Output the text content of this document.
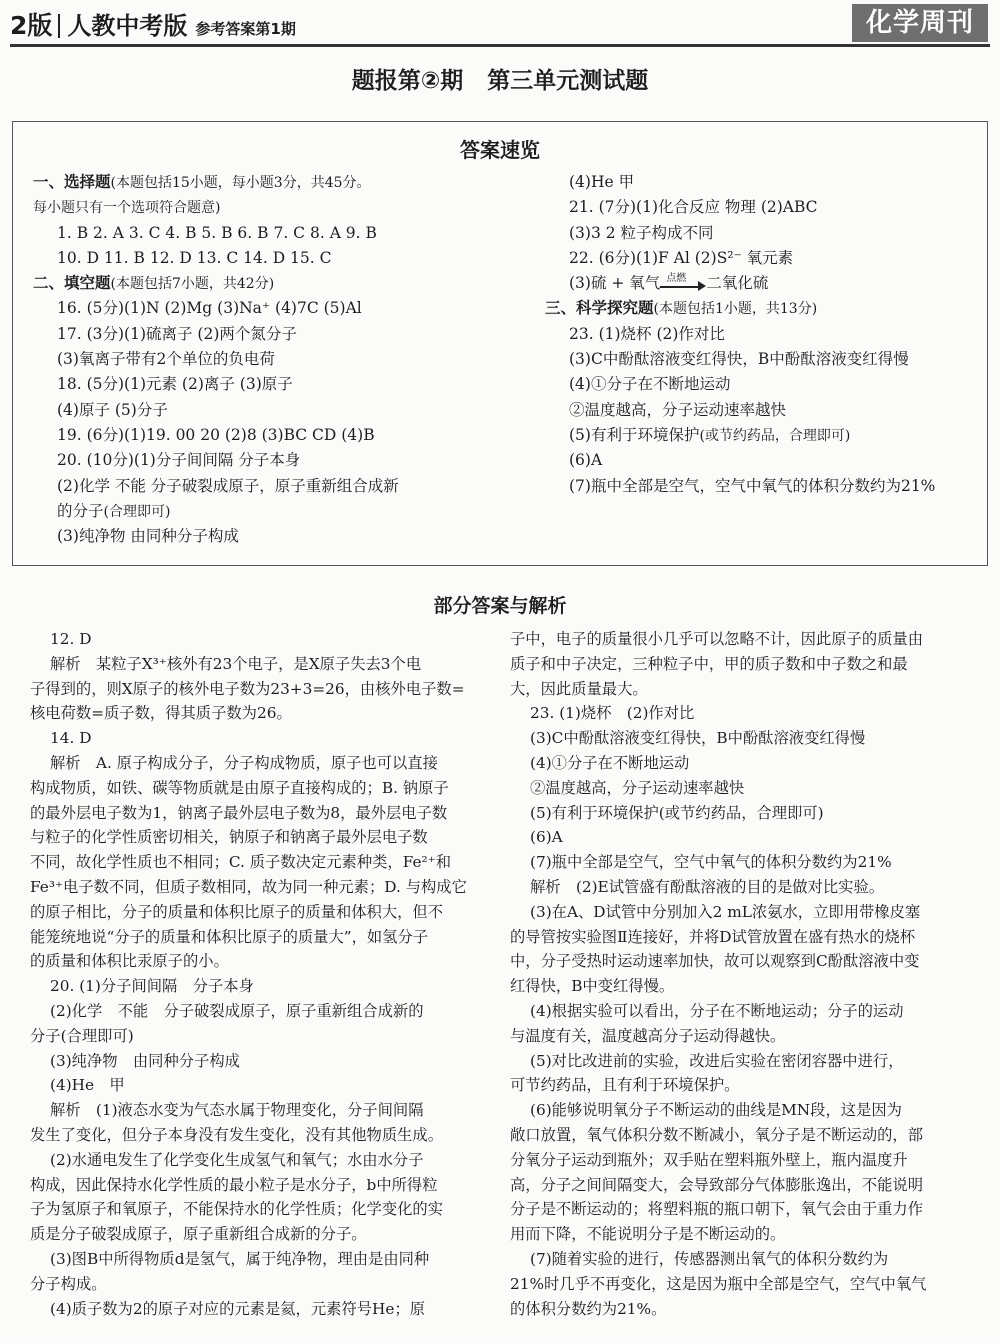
2版 人教中考版 参考答案第1期	化学周刊
题报第②期 第三单元测试题
答案速览
一、选择题(本题包括15小题，每小题3分，共45分。
每小题只有一个选项符合题意)
1. B 2. A 3. C 4. B 5. B 6. B 7. C 8. A 9. B
10. D 11. B 12. D 13. C 14. D 15. C
二、填空题(本题包括7小题，共42分)
16. (5分)(1)N (2)Mg (3)Na⁺ (4)7C (5)Al
17. (3分)(1)硫离子 (2)两个氮分子
(3)氧离子带有2个单位的负电荷
18. (5分)(1)元素 (2)离子 (3)原子
(4)原子 (5)分子
19. (6分)(1)19. 00 20 (2)8 (3)BC CD (4)B
20. (10分)(1)分子间间隔 分子本身
(2)化学 不能 分子破裂成原子，原子重新组合成新
的分子(合理即可)
(3)纯净物 由同种分子构成
(4)He 甲
21. (7分)(1)化合反应 物理 (2)ABC
(3)3 2 粒子构成不同
22. (6分)(1)F Al (2)S²⁻ 氧元素
(3)硫 + 氧气 点燃 二氧化硫
三、科学探究题(本题包括1小题，共13分)
23. (1)烧杯 (2)作对比
(3)C中酚酞溶液变红得快，B中酚酞溶液变红得慢
(4)①分子在不断地运动
②温度越高，分子运动速率越快
(5)有利于环境保护(或节约药品，合理即可)
(6)A
(7)瓶中全部是空气，空气中氧气的体积分数约为21%
部分答案与解析
12. D
解析　某粒子X³⁺核外有23个电子，是X原子失去3个电
子得到的，则X原子的核外电子数为23+3=26，由核外电子数=
核电荷数=质子数，得其质子数为26。
14. D
解析　A. 原子构成分子，分子构成物质，原子也可以直接
构成物质，如铁、碳等物质就是由原子直接构成的；B. 钠原子
的最外层电子数为1，钠离子最外层电子数为8，最外层电子数
与粒子的化学性质密切相关，钠原子和钠离子最外层电子数
不同，故化学性质也不相同；C. 质子数决定元素种类，Fe²⁺和
Fe³⁺电子数不同，但质子数相同，故为同一种元素；D. 与构成它
的原子相比，分子的质量和体积比原子的质量和体积大，但不
能笼统地说“分子的质量和体积比原子的质量大”，如氢分子
的质量和体积比汞原子的小。
20. (1)分子间间隔　分子本身
(2)化学　不能　分子破裂成原子，原子重新组合成新的
分子(合理即可)
(3)纯净物　由同种分子构成
(4)He　甲
解析　(1)液态水变为气态水属于物理变化，分子间间隔
发生了变化，但分子本身没有发生变化，没有其他物质生成。
(2)水通电发生了化学变化生成氢气和氧气；水由水分子
构成，因此保持水化学性质的最小粒子是水分子，b中所得粒
子为氢原子和氧原子，不能保持水的化学性质；化学变化的实
质是分子破裂成原子，原子重新组合成新的分子。
(3)图B中所得物质d是氢气，属于纯净物，理由是由同种
分子构成。
(4)质子数为2的原子对应的元素是氦，元素符号He；原
子中，电子的质量很小几乎可以忽略不计，因此原子的质量由
质子和中子决定，三种粒子中，甲的质子数和中子数之和最
大，因此质量最大。
23. (1)烧杯　(2)作对比
(3)C中酚酞溶液变红得快，B中酚酞溶液变红得慢
(4)①分子在不断地运动
②温度越高，分子运动速率越快
(5)有利于环境保护(或节约药品，合理即可)
(6)A
(7)瓶中全部是空气，空气中氧气的体积分数约为21%
解析　(2)E试管盛有酚酞溶液的目的是做对比实验。
(3)在A、D试管中分别加入2 mL浓氨水，立即用带橡皮塞
的导管按实验图Ⅱ连接好，并将D试管放置在盛有热水的烧杯
中，分子受热时运动速率加快，故可以观察到C酚酞溶液中变
红得快，B中变红得慢。
(4)根据实验可以看出，分子在不断地运动；分子的运动
与温度有关，温度越高分子运动得越快。
(5)对比改进前的实验，改进后实验在密闭容器中进行，
可节约药品，且有利于环境保护。
(6)能够说明氧分子不断运动的曲线是MN段，这是因为
敞口放置，氧气体积分数不断减小，氧分子是不断运动的，部
分氧分子运动到瓶外；双手贴在塑料瓶外壁上，瓶内温度升
高，分子之间间隔变大，会导致部分气体膨胀逸出，不能说明
分子是不断运动的；将塑料瓶的瓶口朝下，氧气会由于重力作
用而下降，不能说明分子是不断运动的。
(7)随着实验的进行，传感器测出氧气的体积分数约为
21%时几乎不再变化，这是因为瓶中全部是空气，空气中氧气
的体积分数约为21%。
